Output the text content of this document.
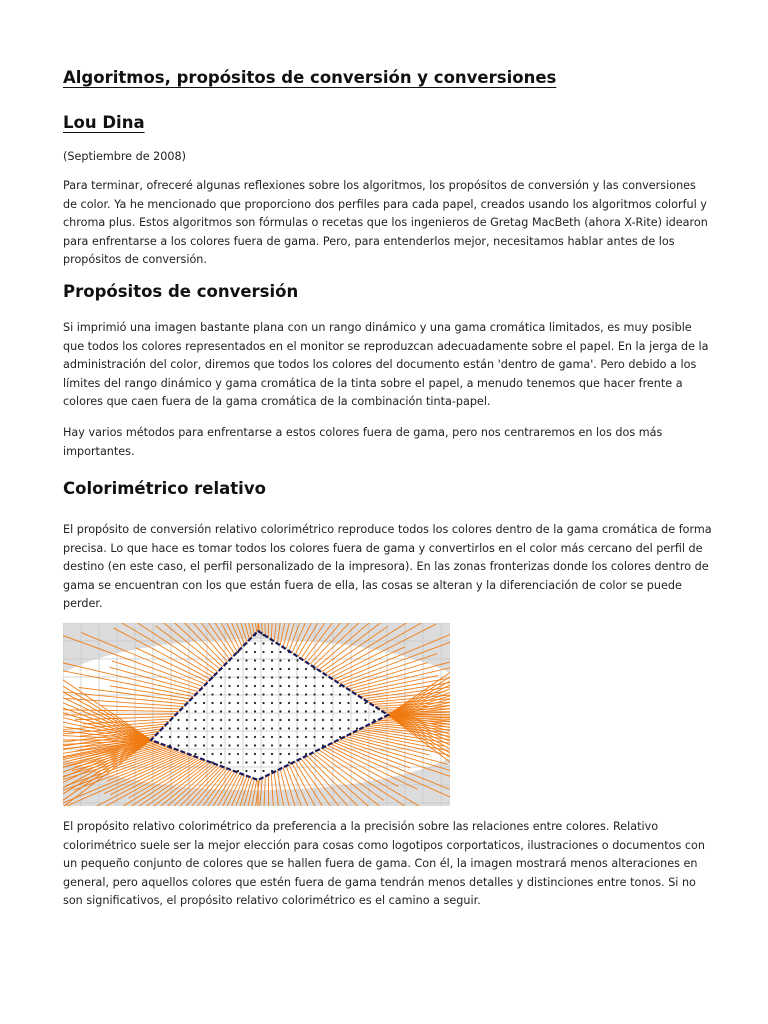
Algoritmos, propósitos de conversión y conversiones
Lou Dina

(Septiembre de 2008)

Para terminar, ofreceré algunas reflexiones sobre los algoritmos, los propósitos de conversión y las conversiones de color. Ya he mencionado que proporciono dos perfiles para cada papel, creados usando los algoritmos colorful y chroma plus. Estos algoritmos son fórmulas o recetas que los ingenieros de Gretag MacBeth (ahora X-Rite) idearon para enfrentarse a los colores fuera de gama. Pero, para entenderlos mejor, necesitamos hablar antes de los propósitos de conversión.

Propósitos de conversión

Si imprimió una imagen bastante plana con un rango dinámico y una gama cromática limitados, es muy posible que todos los colores representados en el monitor se reproduzcan adecuadamente sobre el papel. En la jerga de la administración del color, diremos que todos los colores del documento están 'dentro de gama'. Pero debido a los límites del rango dinámico y gama cromática de la tinta sobre el papel, a menudo tenemos que hacer frente a colores que caen fuera de la gama cromática de la combinación tinta-papel.

Hay varios métodos para enfrentarse a estos colores fuera de gama, pero nos centraremos en los dos más importantes.

Colorimétrico relativo

El propósito de conversión relativo colorimétrico reproduce todos los colores dentro de la gama cromática de forma precisa. Lo que hace es tomar todos los colores fuera de gama y convertirlos en el color más cercano del perfil de destino (en este caso, el perfil personalizado de la impresora). En las zonas fronterizas donde los colores dentro de gama se encuentran con los que están fuera de ella, las cosas se alteran y la diferenciación de color se puede perder.

El propósito relativo colorimétrico da preferencia a la precisión sobre las relaciones entre colores. Relativo colorimétrico suele ser la mejor elección para cosas como logotipos corportaticos, ilustraciones o documentos con un pequeño conjunto de colores que se hallen fuera de gama. Con él, la imagen mostrará menos alteraciones en general, pero aquellos colores que estén fuera de gama tendrán menos detalles y distinciones entre tonos. Si no son significativos, el propósito relativo colorimétrico es el camino a seguir.
